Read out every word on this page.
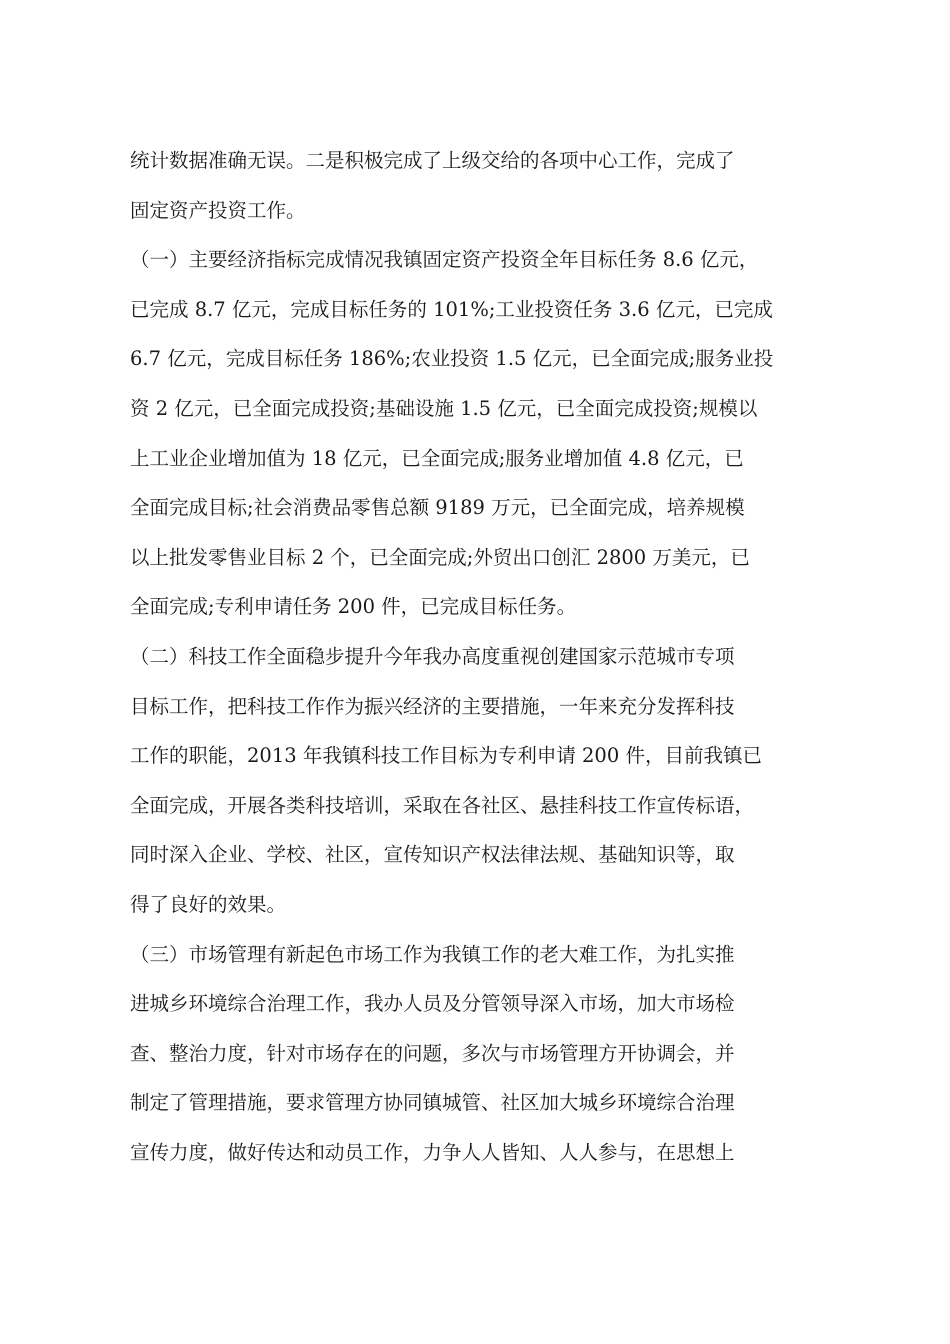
统计数据准确无误。二是积极完成了上级交给的各项中心工作，完成了
固定资产投资工作。
（一）主要经济指标完成情况我镇固定资产投资全年目标任务 8.6 亿元，
已完成 8.7 亿元，完成目标任务的 101%;工业投资任务 3.6 亿元，已完成
6.7 亿元，完成目标任务 186%;农业投资 1.5 亿元，已全面完成;服务业投
资 2 亿元，已全面完成投资;基础设施 1.5 亿元，已全面完成投资;规模以
上工业企业增加值为 18 亿元，已全面完成;服务业增加值 4.8 亿元，已
全面完成目标;社会消费品零售总额 9189 万元，已全面完成，培养规模
以上批发零售业目标 2 个，已全面完成;外贸出口创汇 2800 万美元，已
全面完成;专利申请任务 200 件，已完成目标任务。
（二）科技工作全面稳步提升今年我办高度重视创建国家示范城市专项
目标工作，把科技工作作为振兴经济的主要措施，一年来充分发挥科技
工作的职能，2013 年我镇科技工作目标为专利申请 200 件，目前我镇已
全面完成，开展各类科技培训，采取在各社区、悬挂科技工作宣传标语，
同时深入企业、学校、社区，宣传知识产权法律法规、基础知识等，取
得了良好的效果。
（三）市场管理有新起色市场工作为我镇工作的老大难工作，为扎实推
进城乡环境综合治理工作，我办人员及分管领导深入市场，加大市场检
查、整治力度，针对市场存在的问题，多次与市场管理方开协调会，并
制定了管理措施，要求管理方协同镇城管、社区加大城乡环境综合治理
宣传力度，做好传达和动员工作，力争人人皆知、人人参与，在思想上
